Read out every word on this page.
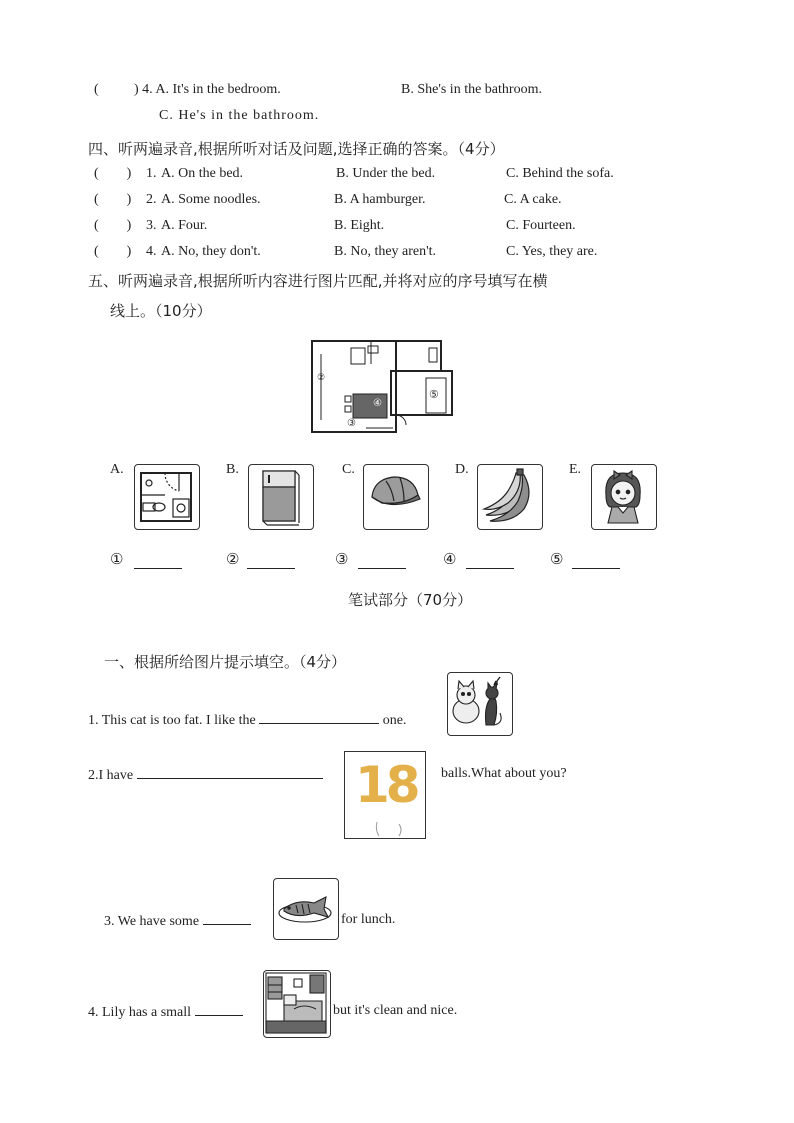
(	) 4. A. It's in the bedroom.	B. She's in the bathroom.
C. He's in the bathroom.
四、听两遍录音,根据所听对话及问题,选择正确的答案。（4分）
(        ) 1. A. On the bed.	B. Under the bed.	C. Behind the sofa.
(        ) 2. A. Some noodles.	B. A hamburger.	C. A cake.
(        ) 3. A. Four.	B. Eight.	C. Fourteen.
(        ) 4. A. No, they don't.	B. No, they aren't.	C. Yes, they are.
五、听两遍录音,根据所听内容进行图片匹配,并将对应的序号填写在横
线上。（10分）
②
③
④
⑤
A.	B.	C.	D.	E.
①	②	③	④	⑤
笔试部分（70分）
一、根据所给图片提示填空。（4分）
1. This cat is too fat. I like the	one.
2.I have	18 balls.What about you?
3. We have some	for lunch.
4. Lily has a small	but it's clean and nice.
